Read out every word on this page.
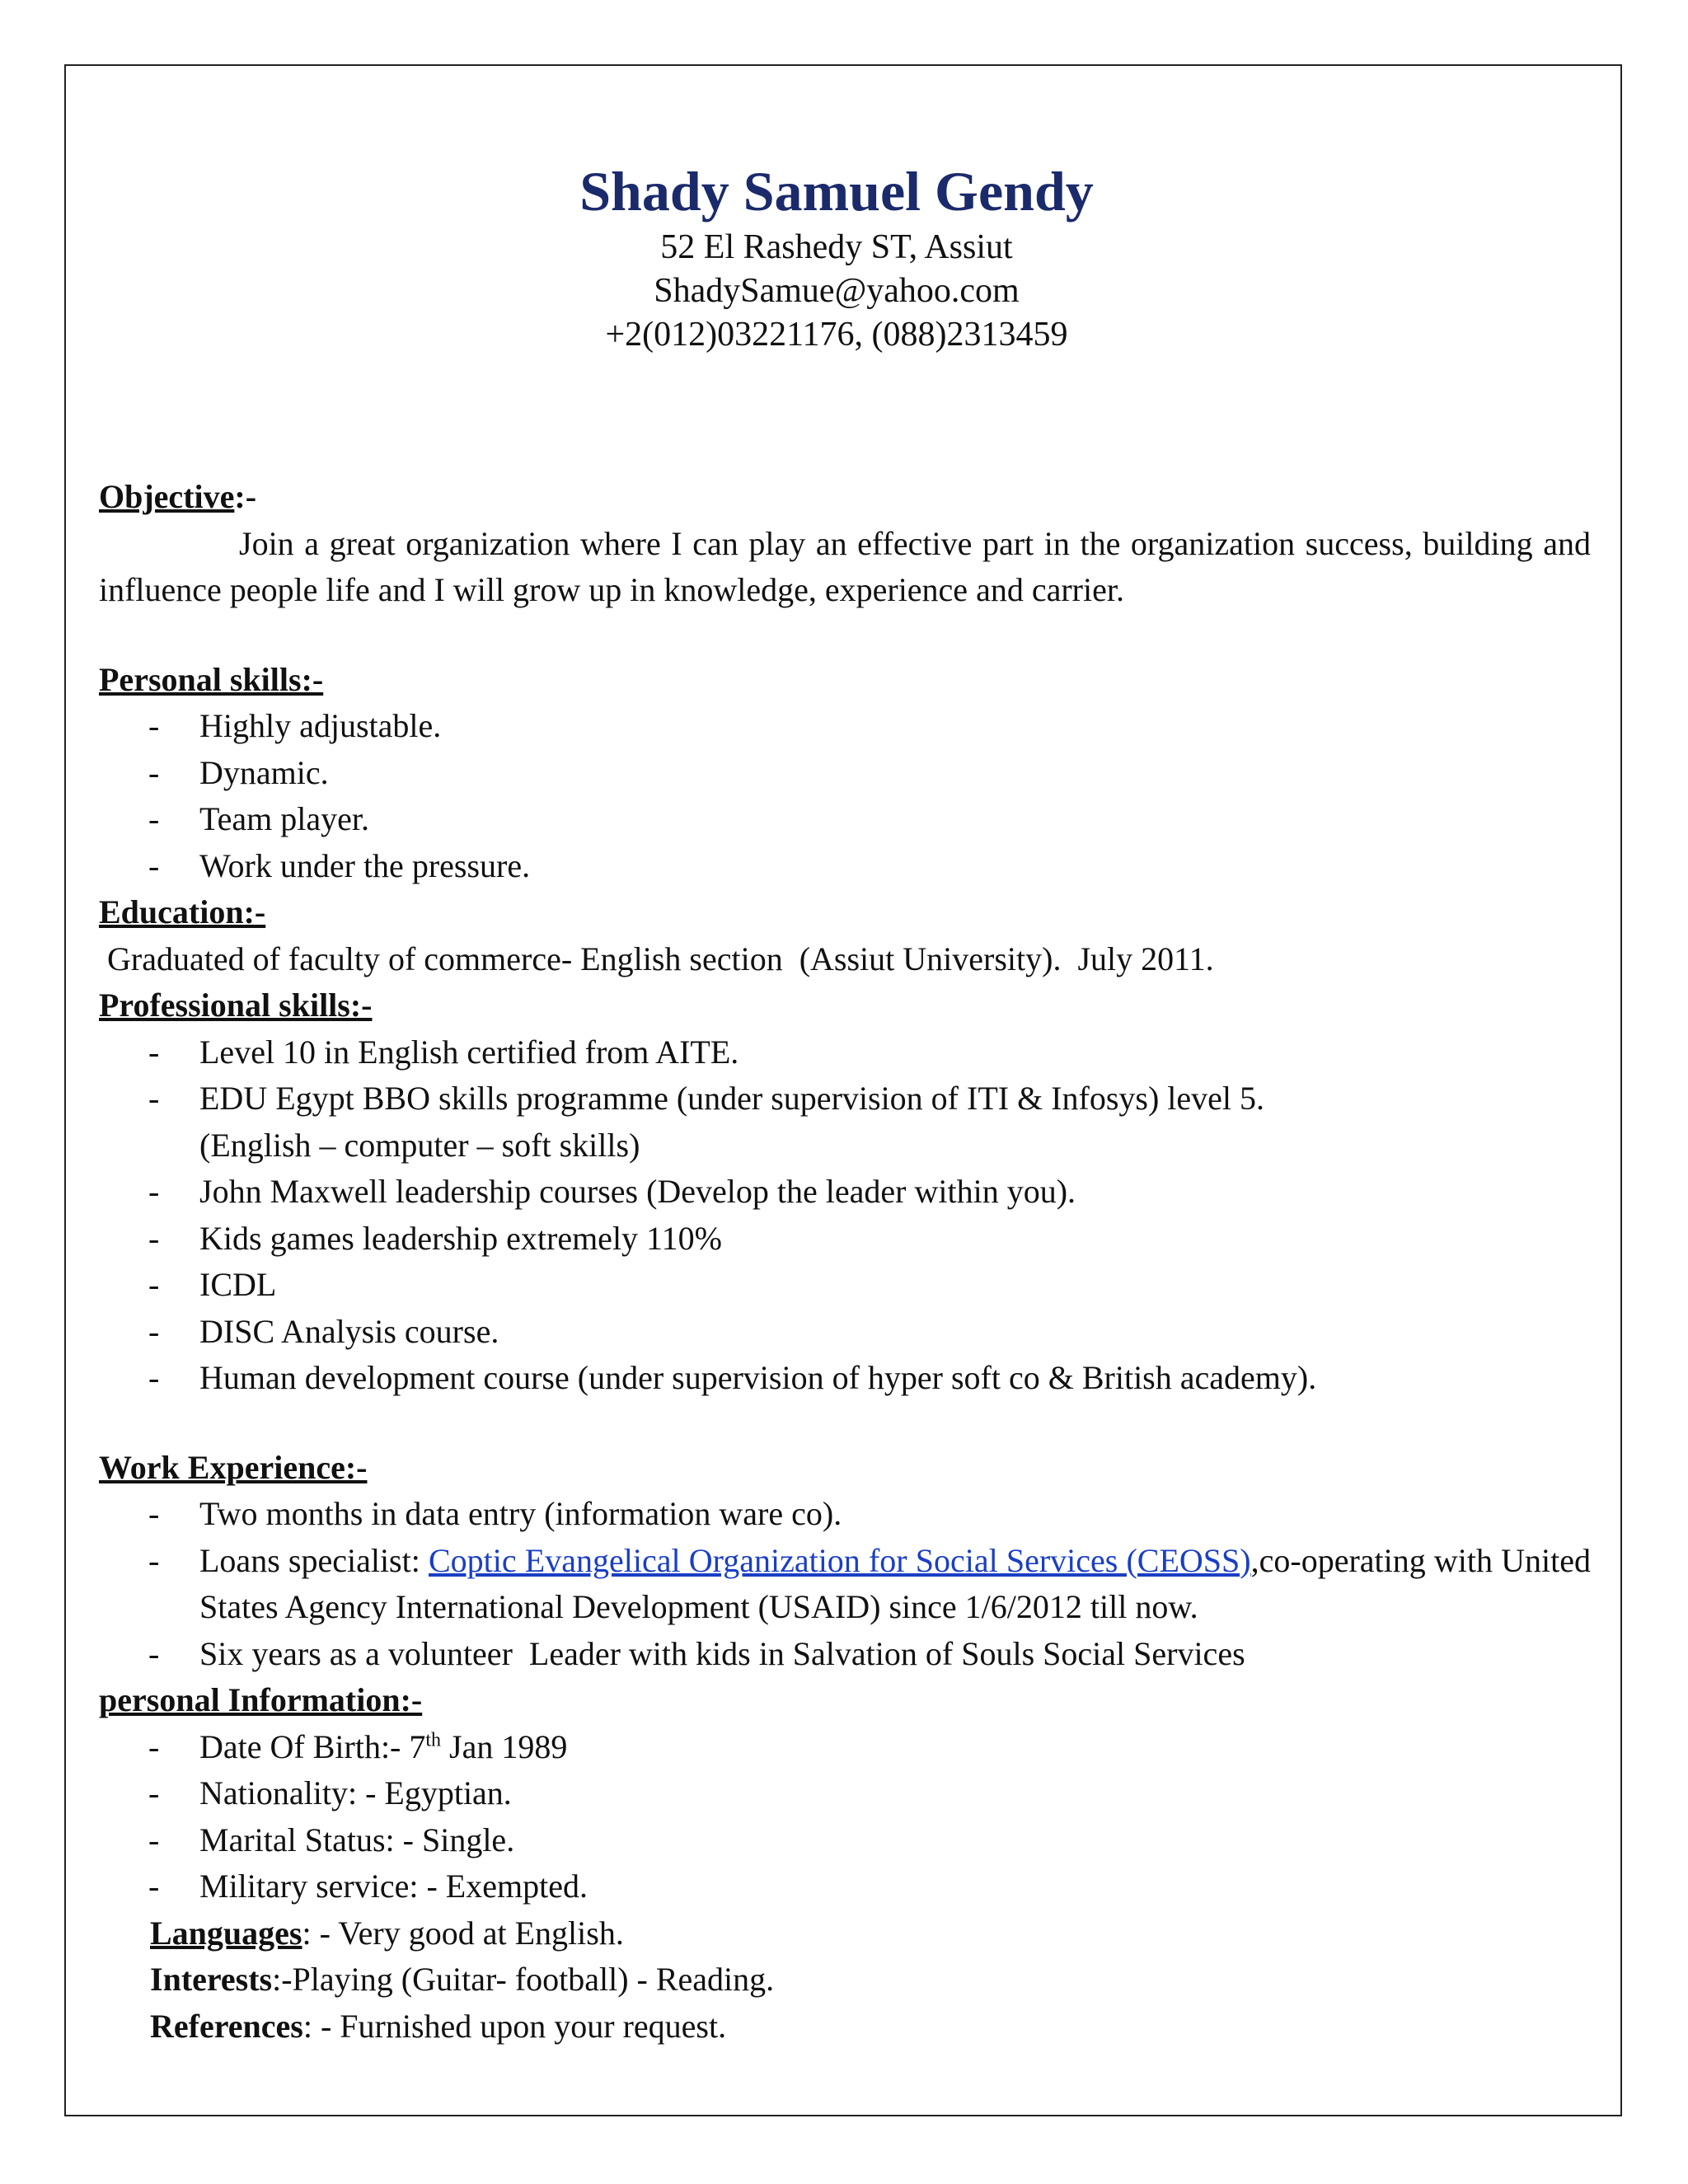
Shady Samuel Gendy
52 El Rashedy ST, Assiut
ShadySamue@yahoo.com
+2(012)03221176, (088)2313459
Objective:-
Join a great organization where I can play an effective part in the organization success, building and influence people life and I will grow up in knowledge, experience and carrier.
Personal skills:-
- Highly adjustable.
- Dynamic.
- Team player.
- Work under the pressure.
Education:-
Graduated of faculty of commerce- English section  (Assiut University).  July 2011.
Professional skills:-
- Level 10 in English certified from AITE.
- EDU Egypt BBO skills programme (under supervision of ITI & Infosys) level 5.
(English – computer – soft skills)
- John Maxwell leadership courses (Develop the leader within you).
- Kids games leadership extremely 110%
- ICDL
- DISC Analysis course.
- Human development course (under supervision of hyper soft co & British academy).
Work Experience:-
- Two months in data entry (information ware co).
- Loans specialist: Coptic Evangelical Organization for Social Services (CEOSS),co-operating with United States Agency International Development (USAID) since 1/6/2012 till now.
- Six years as a volunteer  Leader with kids in Salvation of Souls Social Services
personal Information:-
- Date Of Birth:- 7th Jan 1989
- Nationality: - Egyptian.
- Marital Status: - Single.
- Military service: - Exempted.
Languages: - Very good at English.
Interests:-Playing (Guitar- football) - Reading.
References: - Furnished upon your request.
